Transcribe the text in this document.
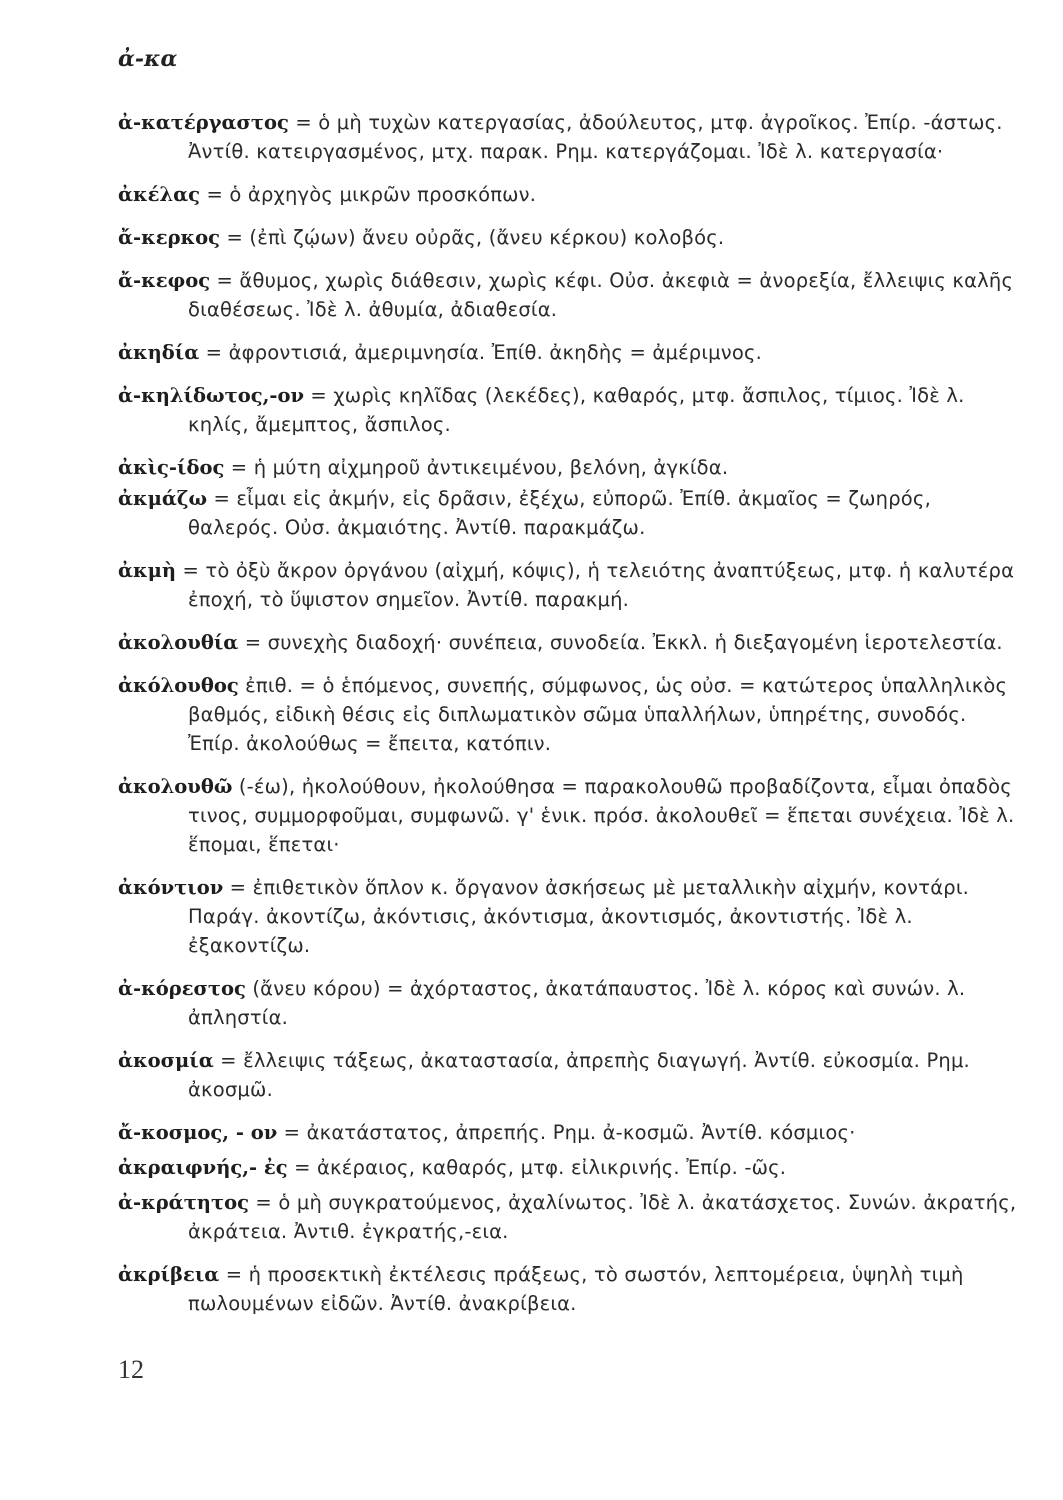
ἀ-κα

ἀ-κατέργαστος = ὁ μὴ τυχὼν κατεργασίας, ἀδούλευτος, μτφ. ἀγροῖκος. Ἐπίρ. -άστως. Ἀντίθ. κατειργασμένος, μτχ. παρακ. Ρημ. κατεργάζομαι. Ἰδὲ λ. κατεργασία·

ἀκέλας = ὁ ἀρχηγὸς μικρῶν προσκόπων.

ἄ-κερκος = (ἐπὶ ζῴων) ἄνευ οὐρᾶς, (ἄνευ κέρκου) κολοβός.

ἄ-κεφος = ἄθυμος, χωρὶς διάθεσιν, χωρὶς κέφι. Οὐσ. ἀκεφιὰ = ἀνορεξία, ἔλλειψις καλῆς διαθέσεως. Ἰδὲ λ. ἀθυμία, ἀδιαθεσία.

ἀκηδία = ἀφροντισιά, ἀμεριμνησία. Ἐπίθ. ἀκηδὴς = ἀμέριμνος.

ἀ-κηλίδωτος,-ον = χωρὶς κηλῖδας (λεκέδες), καθαρός, μτφ. ἄσπιλος, τίμιος. Ἰδὲ λ. κηλίς, ἄμεμπτος, ἄσπιλος.

ἀκὶς-ίδος = ἡ μύτη αἰχμηροῦ ἀντικειμένου, βελόνη, ἀγκίδα.

ἀκμάζω = εἶμαι εἰς ἀκμήν, εἰς δρᾶσιν, ἐξέχω, εὐπορῶ. Ἐπίθ. ἀκμαῖος = ζωηρός, θαλερός. Οὐσ. ἀκμαιότης. Ἀντίθ. παρακμάζω.

ἀκμὴ = τὸ ὀξὺ ἄκρον ὀργάνου (αἰχμή, κόψις), ἡ τελειότης ἀναπτύξεως, μτφ. ἡ καλυτέρα ἐποχή, τὸ ὕψιστον σημεῖον. Ἀντίθ. παρακμή.

ἀκολουθία = συνεχὴς διαδοχή· συνέπεια, συνοδεία. Ἐκκλ. ἡ διεξαγομένη ἱεροτελεστία.

ἀκόλουθος ἐπιθ. = ὁ ἑπόμενος, συνεπής, σύμφωνος, ὡς οὐσ. = κατώτερος ὑπαλληλικὸς βαθμός, εἰδικὴ θέσις εἰς διπλωματικὸν σῶμα ὑπαλλήλων, ὑπηρέτης, συνοδός. Ἐπίρ. ἀκολούθως = ἔπειτα, κατόπιν.

ἀκολουθῶ (-έω), ἠκολούθουν, ἠκολούθησα = παρακολουθῶ προβαδίζοντα, εἶμαι ὀπαδὸς τινος, συμμορφοῦμαι, συμφωνῶ. γ' ἑνικ. πρόσ. ἀκολουθεῖ = ἕπεται συνέχεια. Ἰδὲ λ. ἕπομαι, ἕπεται·

ἀκόντιον = ἐπιθετικὸν ὅπλον κ. ὄργανον ἀσκήσεως μὲ μεταλλικὴν αἰχμήν, κοντάρι. Παράγ. ἀκοντίζω, ἀκόντισις, ἀκόντισμα, ἀκοντισμός, ἀκοντιστής. Ἰδὲ λ. ἐξακοντίζω.

ἀ-κόρεστος (ἄνευ κόρου) = ἀχόρταστος, ἀκατάπαυστος. Ἰδὲ λ. κόρος καὶ συνών. λ. ἀπληστία.

ἀκοσμία = ἔλλειψις τάξεως, ἀκαταστασία, ἀπρεπὴς διαγωγή. Ἀντίθ. εὐκοσμία. Ρημ. ἀκοσμῶ.

ἄ-κοσμος, - ον = ἀκατάστατος, ἀπρεπής. Ρημ. ἀ-κοσμῶ. Ἀντίθ. κόσμιος·

ἀκραιφνής,- ἐς = ἀκέραιος, καθαρός, μτφ. εἰλικρινής. Ἐπίρ. -ῶς.

ἀ-κράτητος = ὁ μὴ συγκρατούμενος, ἀχαλίνωτος. Ἰδὲ λ. ἀκατάσχετος. Συνών. ἀκρατής, ἀκράτεια. Ἀντιθ. ἐγκρατής,-εια.

ἀκρίβεια = ἡ προσεκτικὴ ἐκτέλεσις πράξεως, τὸ σωστόν, λεπτομέρεια, ὑψηλὴ τιμὴ πωλουμένων εἰδῶν. Ἀντίθ. ἀνακρίβεια.

12
